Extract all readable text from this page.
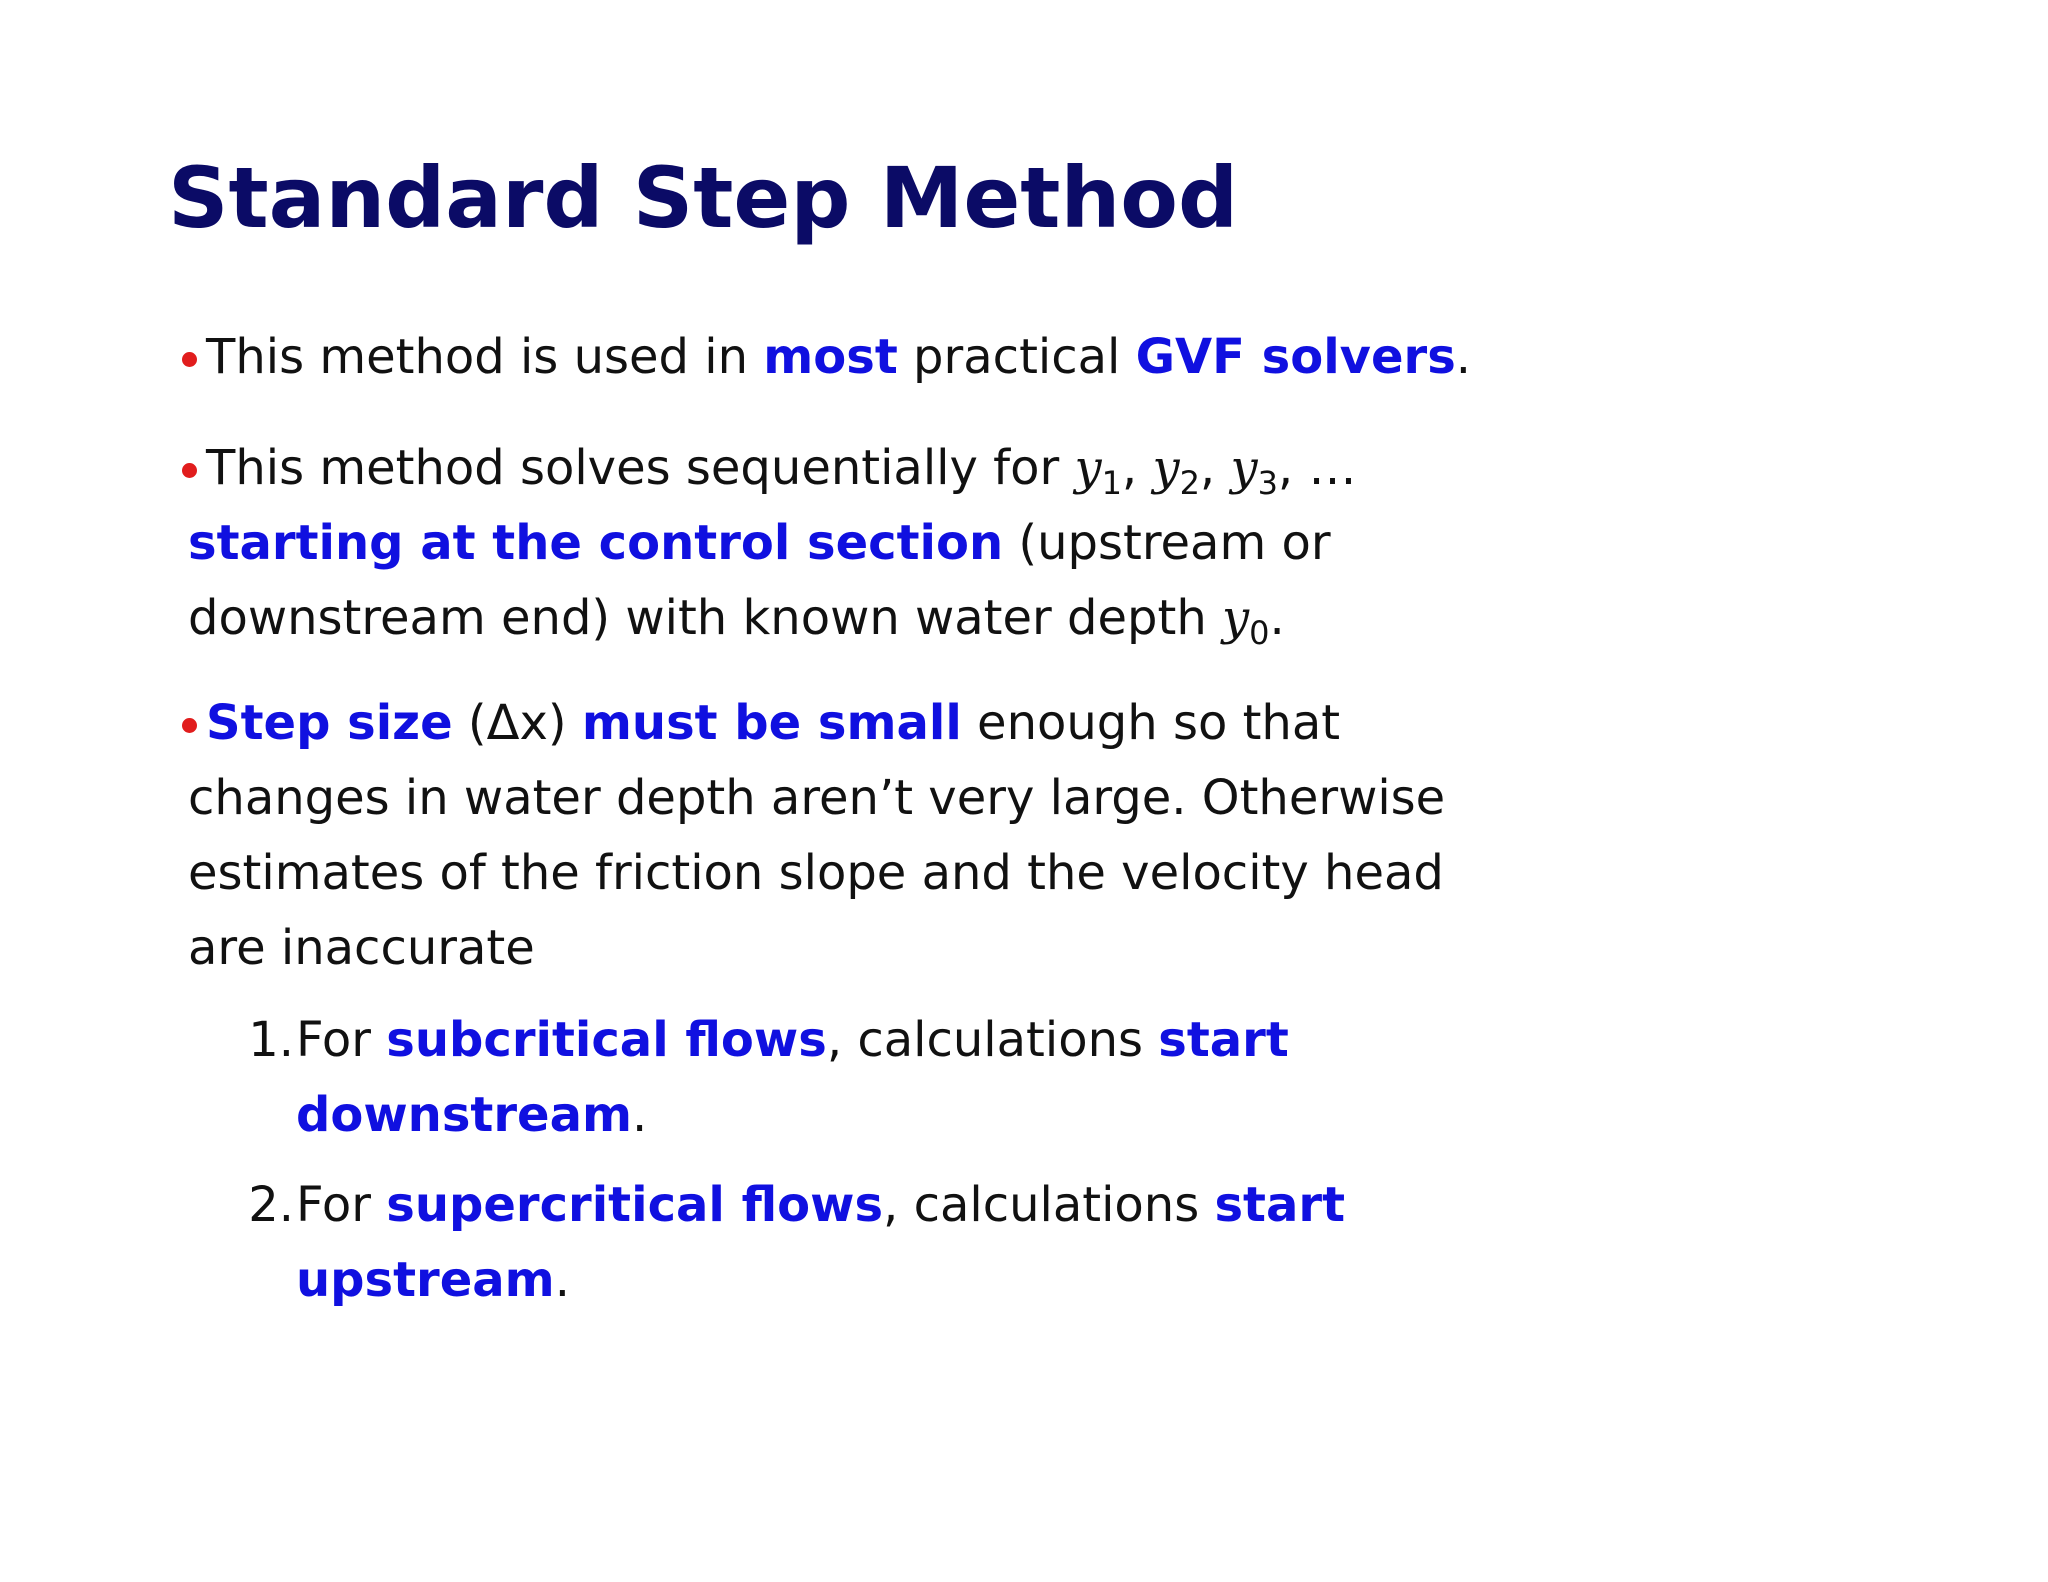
Standard Step Method
This method is used in most practical GVF solvers.
This method solves sequentially for $y_1$, $y_2$, $y_3$, …
starting at the control section (upstream or
downstream end) with known water depth $y_0$.
Step size (Δx) must be small enough so that
changes in water depth aren’t very large. Otherwise
estimates of the friction slope and the velocity head
are inaccurate
1. For subcritical flows, calculations start
downstream.
2. For supercritical flows, calculations start
upstream.
